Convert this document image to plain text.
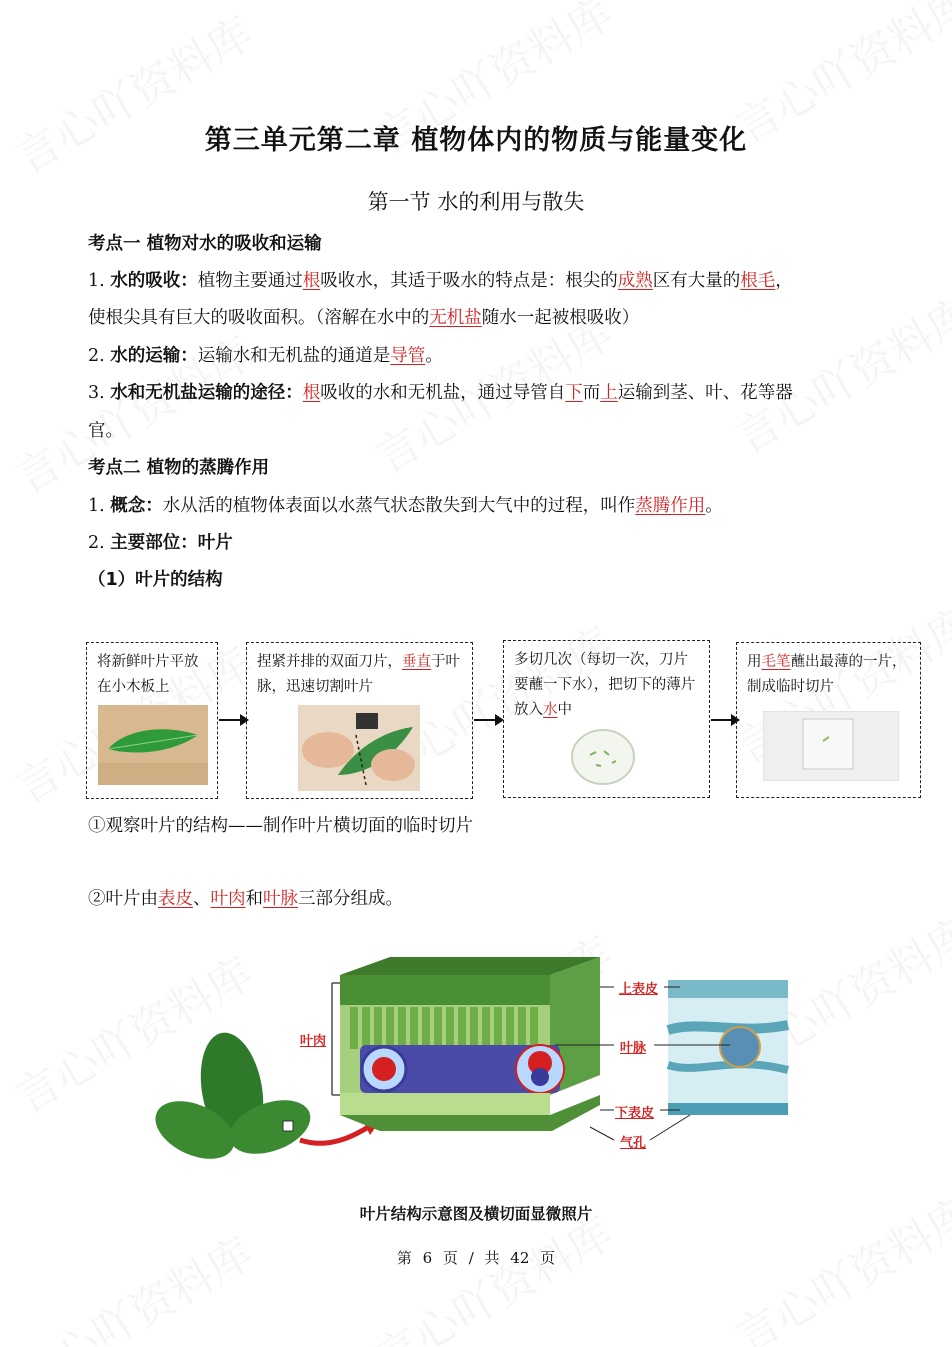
第三单元第二章 植物体内的物质与能量变化
第一节 水的利用与散失
考点一 植物对水的吸收和运输
1. 水的吸收：植物主要通过根吸收水，其适于吸水的特点是：根尖的成熟区有大量的根毛，
使根尖具有巨大的吸收面积。（溶解在水中的无机盐随水一起被根吸收）
2. 水的运输：运输水和无机盐的通道是导管。
3. 水和无机盐运输的途径：根吸收的水和无机盐，通过导管自下而上运输到茎、叶、花等器
官。
考点二 植物的蒸腾作用
1. 概念：水从活的植物体表面以水蒸气状态散失到大气中的过程，叫作蒸腾作用。
2. 主要部位：叶片
（1）叶片的结构
将新鲜叶片平放在小木板上
捏紧并排的双面刀片，垂直于叶脉，迅速切割叶片
多切几次（每切一次，刀片要蘸一下水），把切下的薄片放入水中
用毛笔蘸出最薄的一片，制成临时切片
①观察叶片的结构——制作叶片横切面的临时切片
②叶片由表皮、叶肉和叶脉三部分组成。
上表皮
叶肉	叶脉
下表皮
气孔
叶片结构示意图及横切面显微照片
第 6 页 / 共 42 页
